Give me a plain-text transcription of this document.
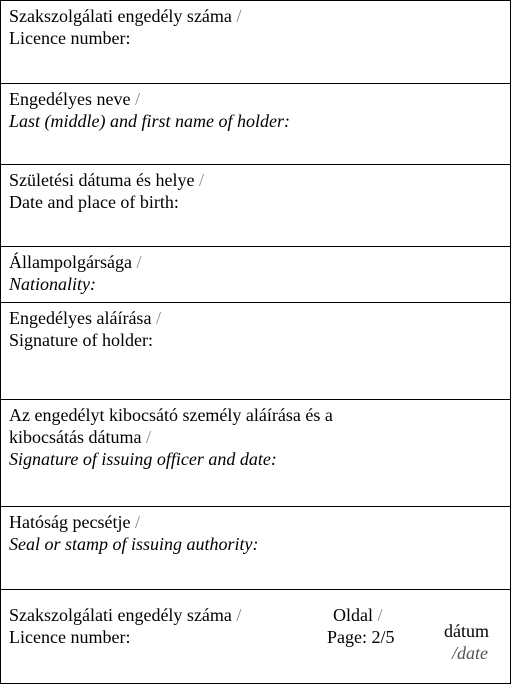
Szakszolgálati engedély száma /
Licence number:
Engedélyes neve /
Last (middle) and first name of holder:
Születési dátuma és helye /
Date and place of birth:
Állampolgársága /
Nationality:
Engedélyes aláírása /
Signature of holder:
Az engedélyt kibocsátó személy aláírása és a
kibocsátás dátuma /
Signature of issuing officer and date:
Hatóság pecsétje /
Seal or stamp of issuing authority:
Szakszolgálati engedély száma /
Licence number:
Oldal /
Page: 2/5	dátum
/date
